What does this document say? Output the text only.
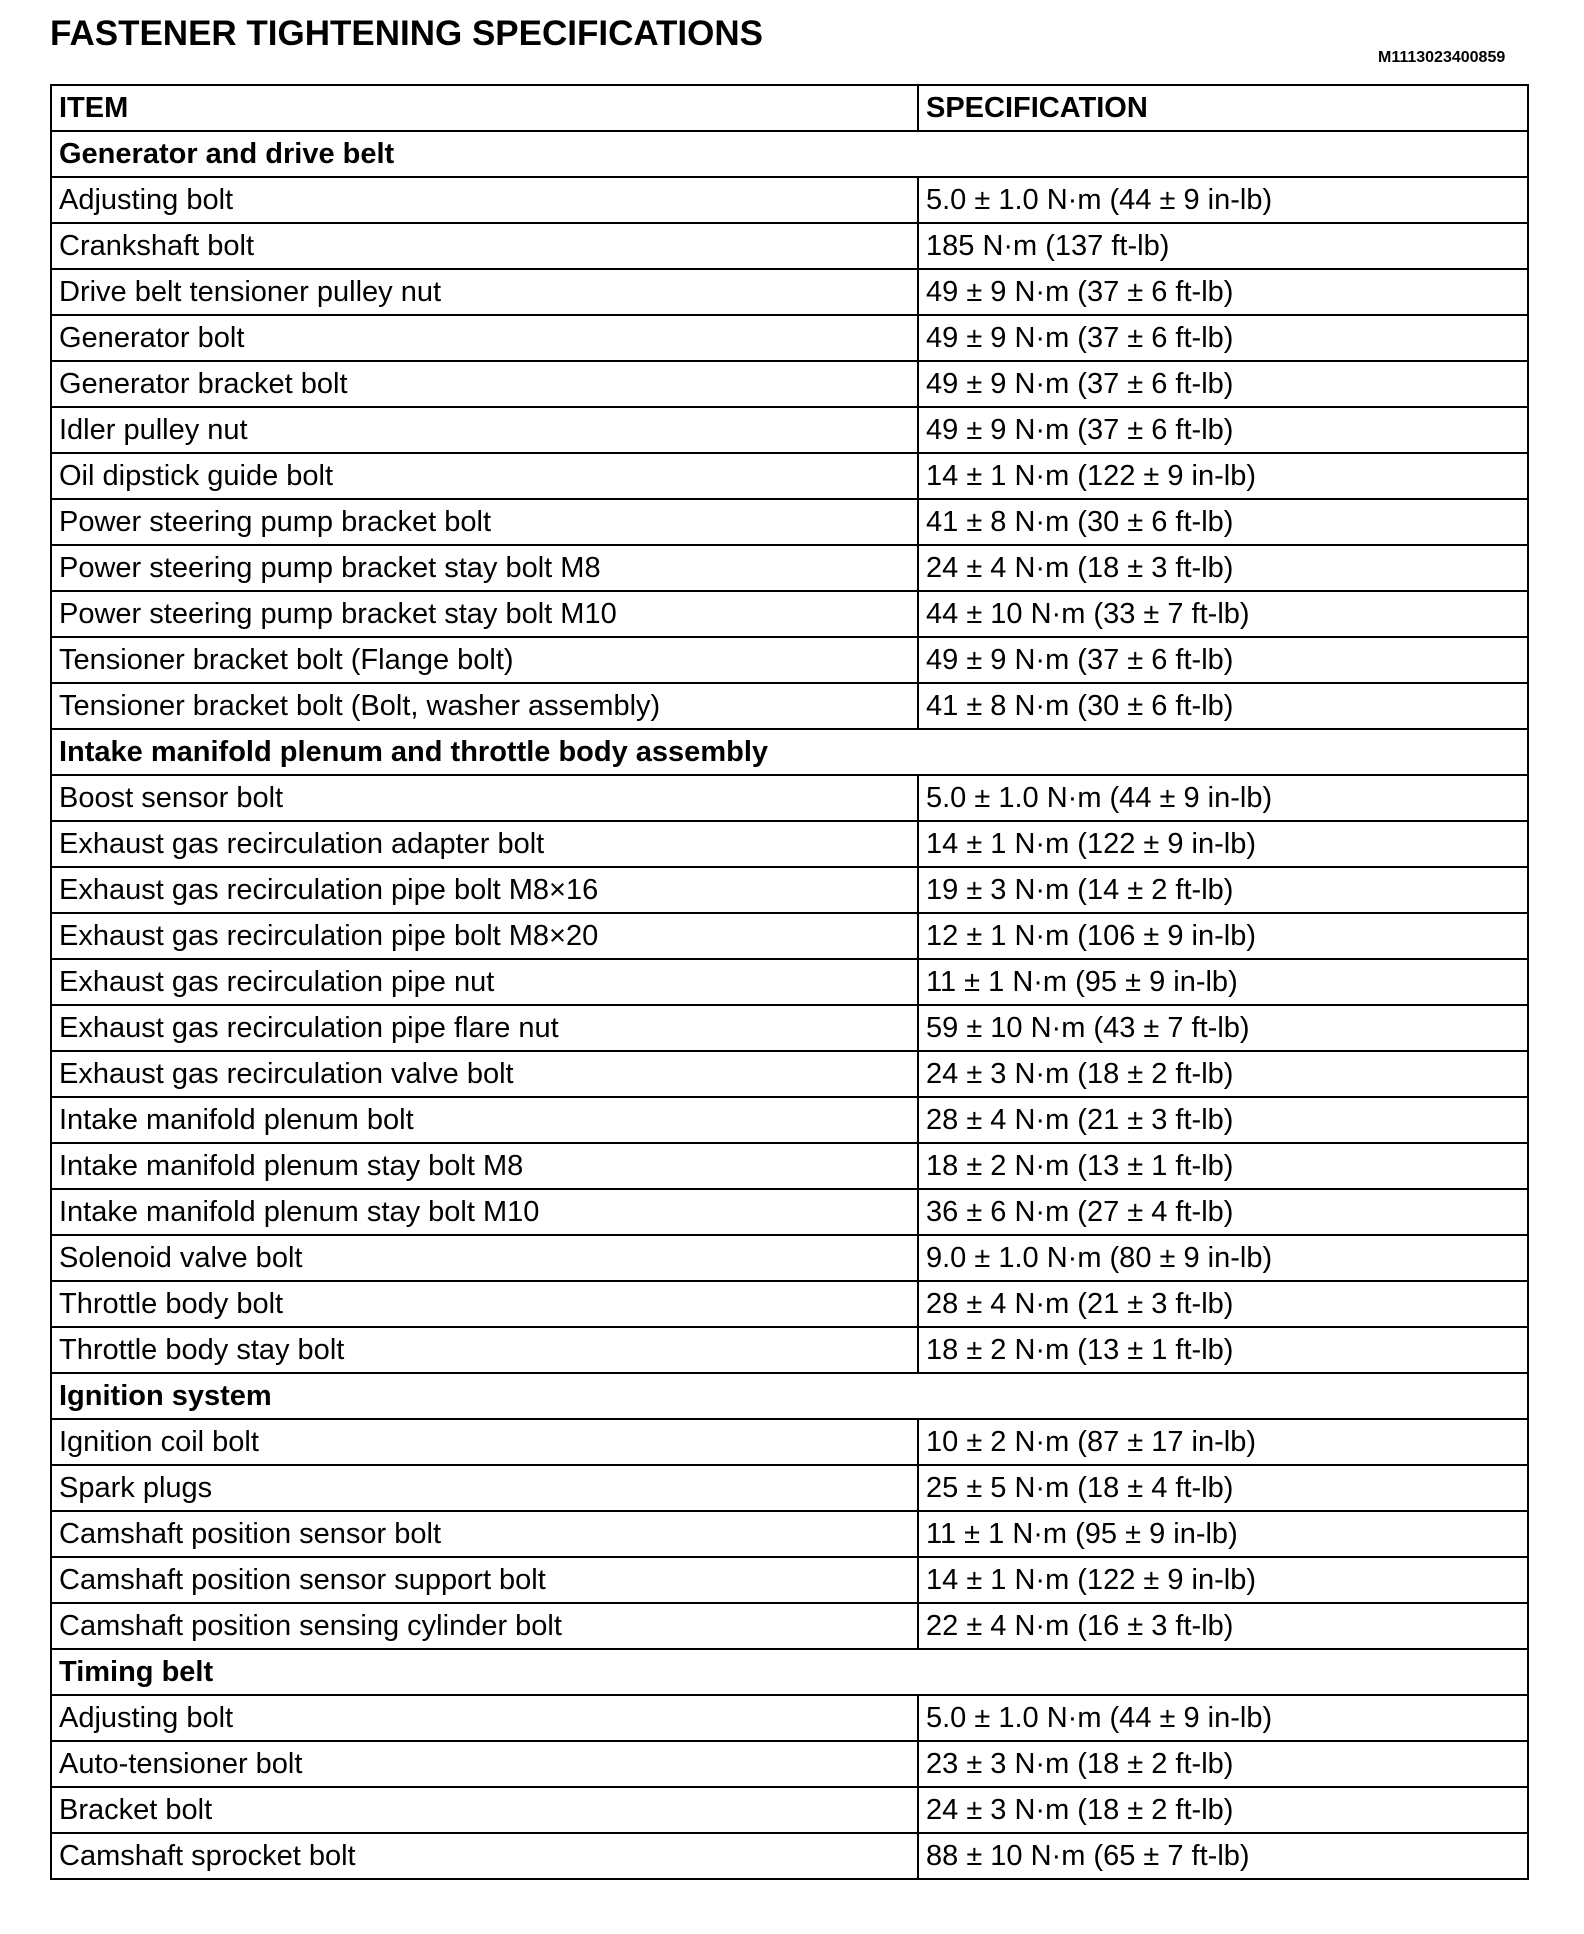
FASTENER TIGHTENING SPECIFICATIONS
M1113023400859
ITEM	SPECIFICATION
Generator and drive belt	
Adjusting bolt	5.0 ± 1.0 N·m (44 ± 9 in-lb)
Crankshaft bolt	185 N·m (137 ft-lb)
Drive belt tensioner pulley nut	49 ± 9 N·m (37 ± 6 ft-lb)
Generator bolt	49 ± 9 N·m (37 ± 6 ft-lb)
Generator bracket bolt	49 ± 9 N·m (37 ± 6 ft-lb)
Idler pulley nut	49 ± 9 N·m (37 ± 6 ft-lb)
Oil dipstick guide bolt	14 ± 1 N·m (122 ± 9 in-lb)
Power steering pump bracket bolt	41 ± 8 N·m (30 ± 6 ft-lb)
Power steering pump bracket stay bolt M8	24 ± 4 N·m (18 ± 3 ft-lb)
Power steering pump bracket stay bolt M10	44 ± 10 N·m (33 ± 7 ft-lb)
Tensioner bracket bolt (Flange bolt)	49 ± 9 N·m (37 ± 6 ft-lb)
Tensioner bracket bolt (Bolt, washer assembly)	41 ± 8 N·m (30 ± 6 ft-lb)
Intake manifold plenum and throttle body assembly	
Boost sensor bolt	5.0 ± 1.0 N·m (44 ± 9 in-lb)
Exhaust gas recirculation adapter bolt	14 ± 1 N·m (122 ± 9 in-lb)
Exhaust gas recirculation pipe bolt M8×16	19 ± 3 N·m (14 ± 2 ft-lb)
Exhaust gas recirculation pipe bolt M8×20	12 ± 1 N·m (106 ± 9 in-lb)
Exhaust gas recirculation pipe nut	11 ± 1 N·m (95 ± 9 in-lb)
Exhaust gas recirculation pipe flare nut	59 ± 10 N·m (43 ± 7 ft-lb)
Exhaust gas recirculation valve bolt	24 ± 3 N·m (18 ± 2 ft-lb)
Intake manifold plenum bolt	28 ± 4 N·m (21 ± 3 ft-lb)
Intake manifold plenum stay bolt M8	18 ± 2 N·m (13 ± 1 ft-lb)
Intake manifold plenum stay bolt M10	36 ± 6 N·m (27 ± 4 ft-lb)
Solenoid valve bolt	9.0 ± 1.0 N·m (80 ± 9 in-lb)
Throttle body bolt	28 ± 4 N·m (21 ± 3 ft-lb)
Throttle body stay bolt	18 ± 2 N·m (13 ± 1 ft-lb)
Ignition system	
Ignition coil bolt	10 ± 2 N·m (87 ± 17 in-lb)
Spark plugs	25 ± 5 N·m (18 ± 4 ft-lb)
Camshaft position sensor bolt	11 ± 1 N·m (95 ± 9 in-lb)
Camshaft position sensor support bolt	14 ± 1 N·m (122 ± 9 in-lb)
Camshaft position sensing cylinder bolt	22 ± 4 N·m (16 ± 3 ft-lb)
Timing belt	
Adjusting bolt	5.0 ± 1.0 N·m (44 ± 9 in-lb)
Auto-tensioner bolt	23 ± 3 N·m (18 ± 2 ft-lb)
Bracket bolt	24 ± 3 N·m (18 ± 2 ft-lb)
Camshaft sprocket bolt	88 ± 10 N·m (65 ± 7 ft-lb)
